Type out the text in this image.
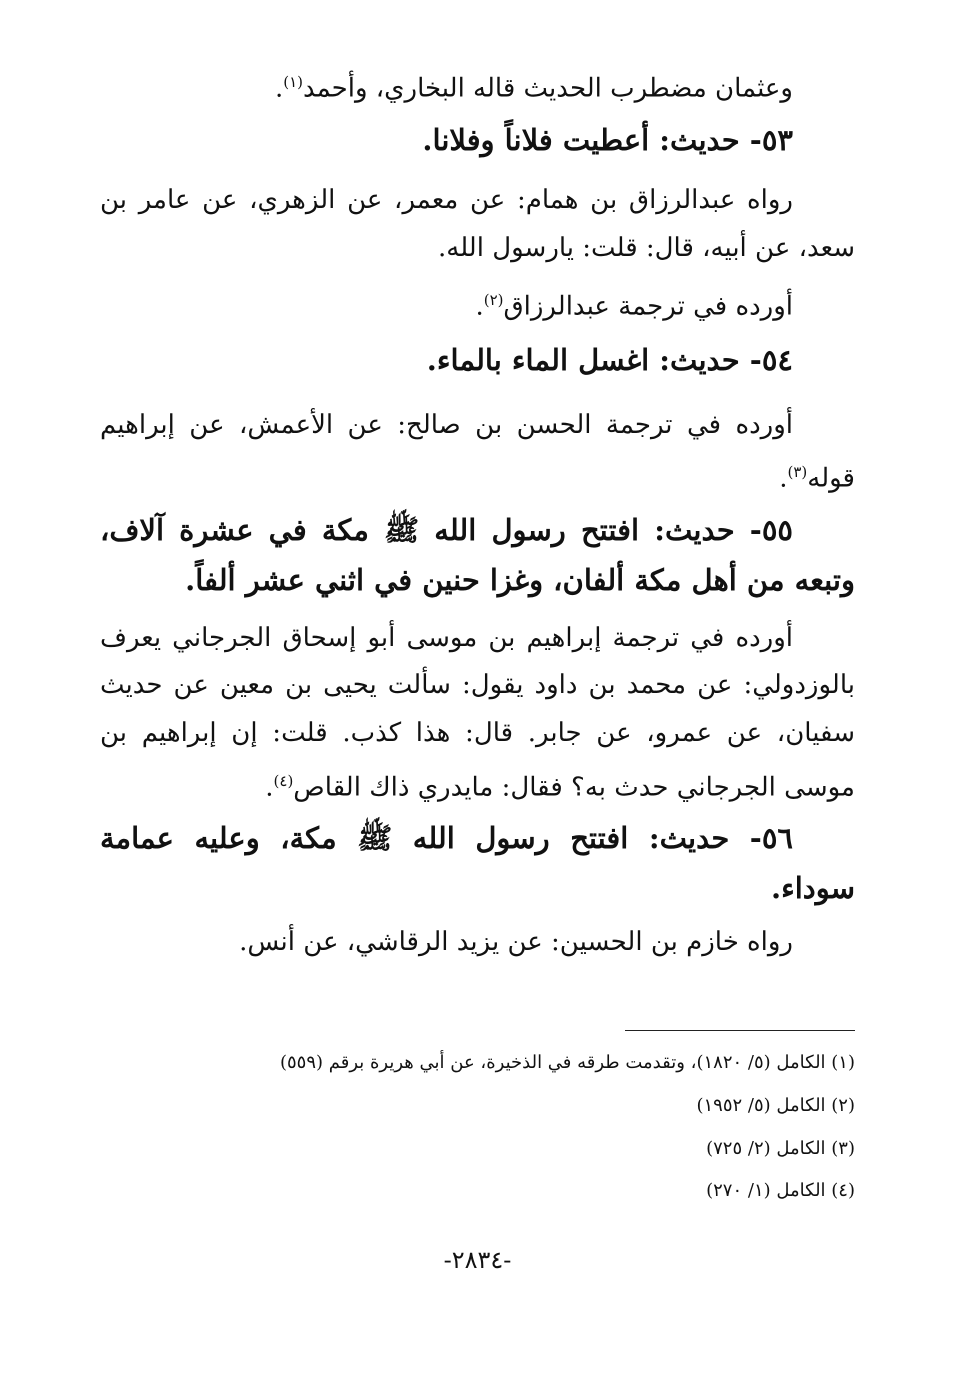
وعثمان مضطرب الحديث قاله البخاري، وأحمد$^{(١)}$.
٥٣- حديث: أعطيت فلاناً وفلانا.
رواه عبدالرزاق بن همام: عن معمر، عن الزهري، عن عامر بن
سعد، عن أبيه، قال: قلت: يارسول الله.
أورده في ترجمة عبدالرزاق$^{(٢)}$.
٥٤- حديث: اغسل الماء بالماء.
أورده في ترجمة الحسن بن صالح: عن الأعمش، عن إبراهيم
قوله$^{(٣)}$.
٥٥- حديث: افتتح رسول الله ﷺ مكة في عشرة آلاف،
وتبعه من أهل مكة ألفان، وغزا حنين في اثني عشر ألفاً.
أورده في ترجمة إبراهيم بن موسى أبو إسحاق الجرجاني يعرف
بالوزدولي: عن محمد بن داود يقول: سألت يحيى بن معين عن حديث
سفيان، عن عمرو، عن جابر. قال: هذا كذب. قلت: إن إبراهيم بن
موسى الجرجاني حدث به؟ فقال: مايدري ذاك القاص$^{(٤)}$.
٥٦- حديث: افتتح رسول الله ﷺ مكة، وعليه عمامة
سوداء.
رواه خازم بن الحسين: عن يزيد الرقاشي، عن أنس.
(١) الكامل (٥/ ١٨٢٠)، وتقدمت طرقه في الذخيرة، عن أبي هريرة برقم (٥٥٩)
(٢) الكامل (٥/ ١٩٥٢)
(٣) الكامل (٢/ ٧٢٥)
(٤) الكامل (١/ ٢٧٠)
-٢٨٣٤-
